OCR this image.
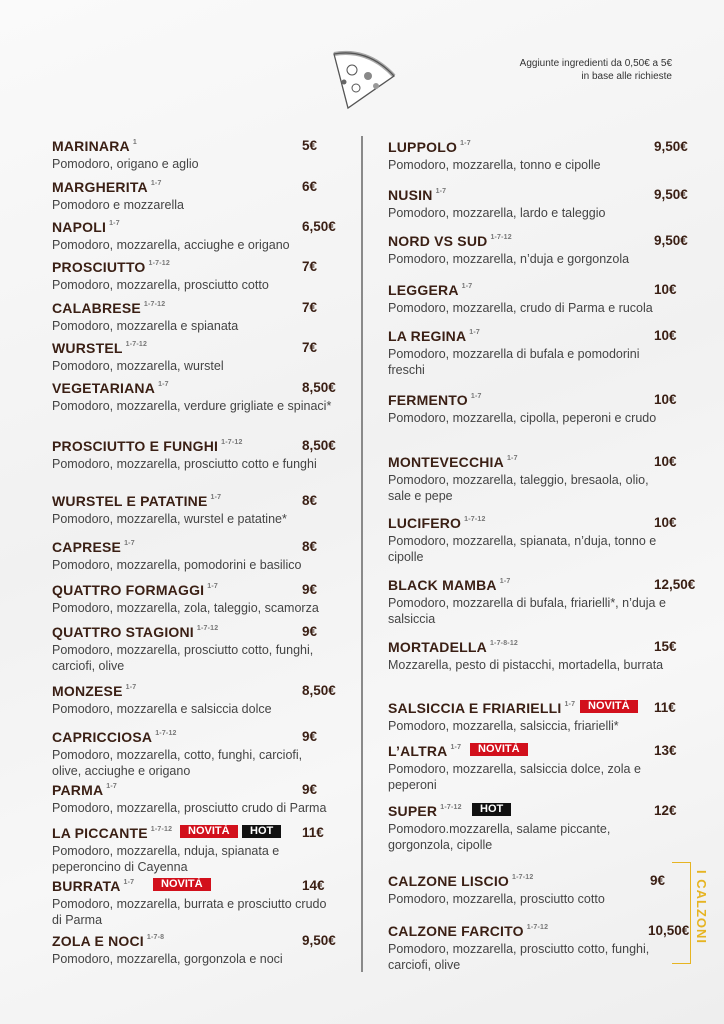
Aggiunte ingredienti da 0,50€ a 5€
in base alle richieste
MARINARA $^1$	5€
Pomodoro, origano e aglio
MARGHERITA $^{1-7}$	6€
Pomodoro e mozzarella
NAPOLI $^{1-7}$	6,50€
Pomodoro, mozzarella, acciughe e origano
PROSCIUTTO $^{1-7-12}$	7€
Pomodoro, mozzarella, prosciutto cotto
CALABRESE $^{1-7-12}$	7€
Pomodoro, mozzarella e spianata
WURSTEL $^{1-7-12}$	7€
Pomodoro, mozzarella, wurstel
VEGETARIANA $^{1-7}$	8,50€
Pomodoro, mozzarella, verdure grigliate e spinaci*
PROSCIUTTO E FUNGHI $^{1-7-12}$	8,50€
Pomodoro, mozzarella, prosciutto cotto e funghi
WURSTEL E PATATINE $^{1-7}$	8€
Pomodoro, mozzarella, wurstel e patatine*
CAPRESE $^{1-7}$	8€
Pomodoro, mozzarella, pomodorini e basilico
QUATTRO FORMAGGI $^{1-7}$	9€
Pomodoro, mozzarella, zola, taleggio, scamorza
QUATTRO STAGIONI $^{1-7-12}$	9€
Pomodoro, mozzarella, prosciutto cotto, funghi, carciofi, olive
MONZESE $^{1-7}$	8,50€
Pomodoro, mozzarella e salsiccia dolce
CAPRICCIOSA $^{1-7-12}$	9€
Pomodoro, mozzarella, cotto, funghi, carciofi, olive, acciughe e origano
PARMA $^{1-7}$	9€
Pomodoro, mozzarella, prosciutto crudo di Parma
LA PICCANTE $^{1-7-12}$	11€
NOVITÀ	HOT
Pomodoro, mozzarella, nduja, spianata e peperoncino di Cayenna
BURRATA $^{1-7}$	14€
NOVITÀ
Pomodoro, mozzarella, burrata e prosciutto crudo di Parma
ZOLA E NOCI $^{1-7-8}$	9,50€
Pomodoro, mozzarella, gorgonzola e noci
LUPPOLO $^{1-7}$	9,50€
Pomodoro, mozzarella, tonno e cipolle
NUSIN $^{1-7}$	9,50€
Pomodoro, mozzarella, lardo e taleggio
NORD VS SUD $^{1-7-12}$	9,50€
Pomodoro, mozzarella, n’duja e gorgonzola
LEGGERA $^{1-7}$	10€
Pomodoro, mozzarella, crudo di Parma e rucola
LA REGINA $^{1-7}$	10€
Pomodoro, mozzarella di bufala e pomodorini freschi
FERMENTO $^{1-7}$	10€
Pomodoro, mozzarella, cipolla, peperoni e crudo
MONTEVECCHIA $^{1-7}$	10€
Pomodoro, mozzarella, taleggio, bresaola, olio, sale e pepe
LUCIFERO $^{1-7-12}$	10€
Pomodoro, mozzarella, spianata, n’duja, tonno e cipolle
BLACK MAMBA $^{1-7}$	12,50€
Pomodoro, mozzarella di bufala, friarielli*, n’duja e salsiccia
MORTADELLA $^{1-7-8-12}$	15€
Mozzarella, pesto di pistacchi, mortadella, burrata
SALSICCIA E FRIARIELLI $^{1-7}$	11€
NOVITÀ
Pomodoro, mozzarella, salsiccia, friarielli*
L’ALTRA $^{1-7}$	13€
NOVITÀ
Pomodoro, mozzarella, salsiccia dolce, zola e peperoni
SUPER $^{1-7-12}$	12€
HOT
Pomodoro.mozzarella, salame piccante, gorgonzola, cipolle
CALZONE LISCIO $^{1-7-12}$	9€
Pomodoro, mozzarella, prosciutto cotto
CALZONE FARCITO $^{1-7-12}$	10,50€
Pomodoro, mozzarella, prosciutto cotto, funghi, carciofi, olive
I CALZONI
